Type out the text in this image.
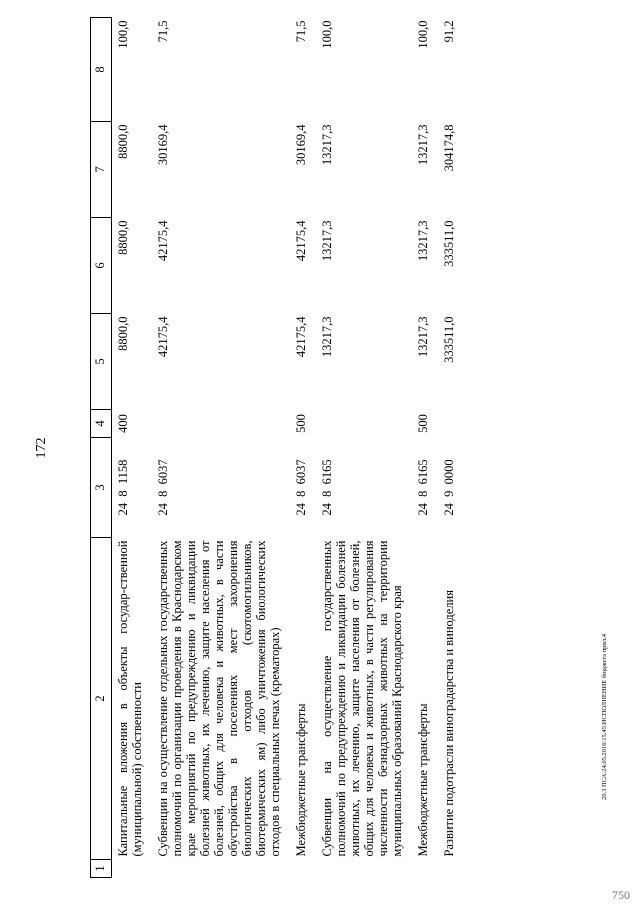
172
20.3 ПСА\24.05.2016\15.45\ИСПОЛНЕНИЕ бюджета прил.4
750
1	2	3	4	5	6	7	8
	Капитальные вложения в объекты государ-ственной (муниципальной) собственности	24  8  1158	400	8800,0	8800,0	8800,0	100,0
	Субвенции на осуществление отдельных государственных полномочий по организации проведения в Краснодарском крае мероприятий по предупреждению и ликвидации болезней животных, их лечению, защите населения от болезней, общих для человека и животных, в части обустройства в поселениях мест захоронения биологических отходов (скотомогильников, биотермических ям) либо уничтожения биологических отходов в специальных печах (крематорах)	24  8  6037		42175,4	42175,4	30169,4	71,5
	Межбюджетные трансферты	24  8  6037	500	42175,4	42175,4	30169,4	71,5
	Субвенции на осуществление государственных полномочий по предупреждению и ликвидации болезней животных, их лечению, защите населения от болезней, общих для человека и животных, в части регулирования численности безнадзорных животных на территории муниципальных образований Краснодарского края	24  8  6165		13217,3	13217,3	13217,3	100,0
	Межбюджетные трансферты	24  8  6165	500	13217,3	13217,3	13217,3	100,0
	Развитие подотрасли виноградарства и виноделия	24  9  0000		333511,0	333511,0	304174,8	91,2
